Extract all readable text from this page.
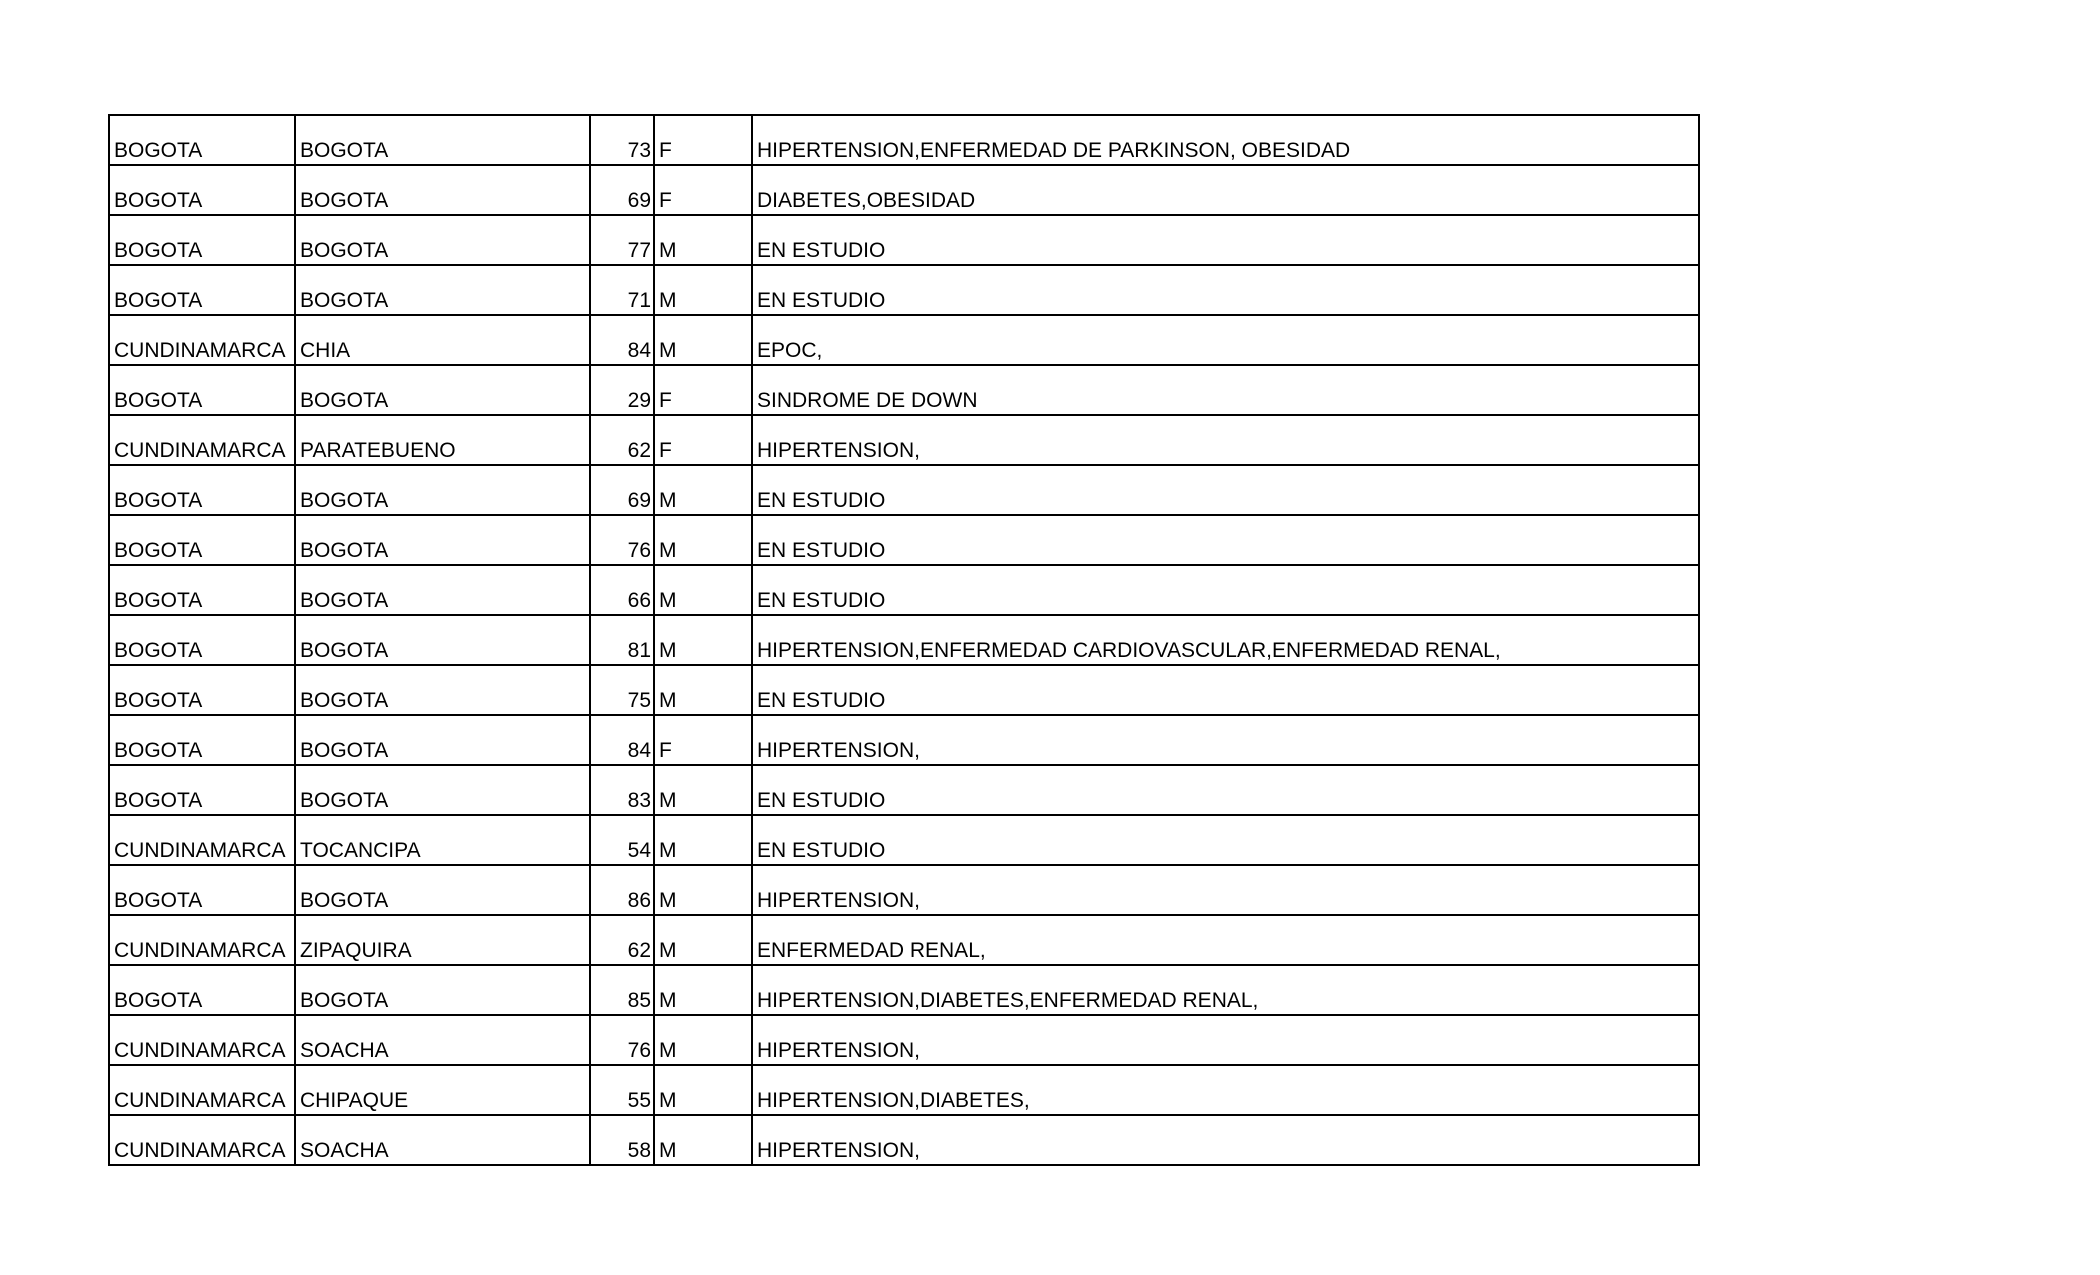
BOGOTA	BOGOTA	73	F	HIPERTENSION,ENFERMEDAD DE PARKINSON, OBESIDAD
BOGOTA	BOGOTA	69	F	DIABETES,OBESIDAD
BOGOTA	BOGOTA	77	M	EN ESTUDIO
BOGOTA	BOGOTA	71	M	EN ESTUDIO
CUNDINAMARCA	CHIA	84	M	EPOC,
BOGOTA	BOGOTA	29	F	SINDROME DE DOWN
CUNDINAMARCA	PARATEBUENO	62	F	HIPERTENSION,
BOGOTA	BOGOTA	69	M	EN ESTUDIO
BOGOTA	BOGOTA	76	M	EN ESTUDIO
BOGOTA	BOGOTA	66	M	EN ESTUDIO
BOGOTA	BOGOTA	81	M	HIPERTENSION,ENFERMEDAD CARDIOVASCULAR,ENFERMEDAD RENAL,
BOGOTA	BOGOTA	75	M	EN ESTUDIO
BOGOTA	BOGOTA	84	F	HIPERTENSION,
BOGOTA	BOGOTA	83	M	EN ESTUDIO
CUNDINAMARCA	TOCANCIPA	54	M	EN ESTUDIO
BOGOTA	BOGOTA	86	M	HIPERTENSION,
CUNDINAMARCA	ZIPAQUIRA	62	M	ENFERMEDAD RENAL,
BOGOTA	BOGOTA	85	M	HIPERTENSION,DIABETES,ENFERMEDAD RENAL,
CUNDINAMARCA	SOACHA	76	M	HIPERTENSION,
CUNDINAMARCA	CHIPAQUE	55	M	HIPERTENSION,DIABETES,
CUNDINAMARCA	SOACHA	58	M	HIPERTENSION,
